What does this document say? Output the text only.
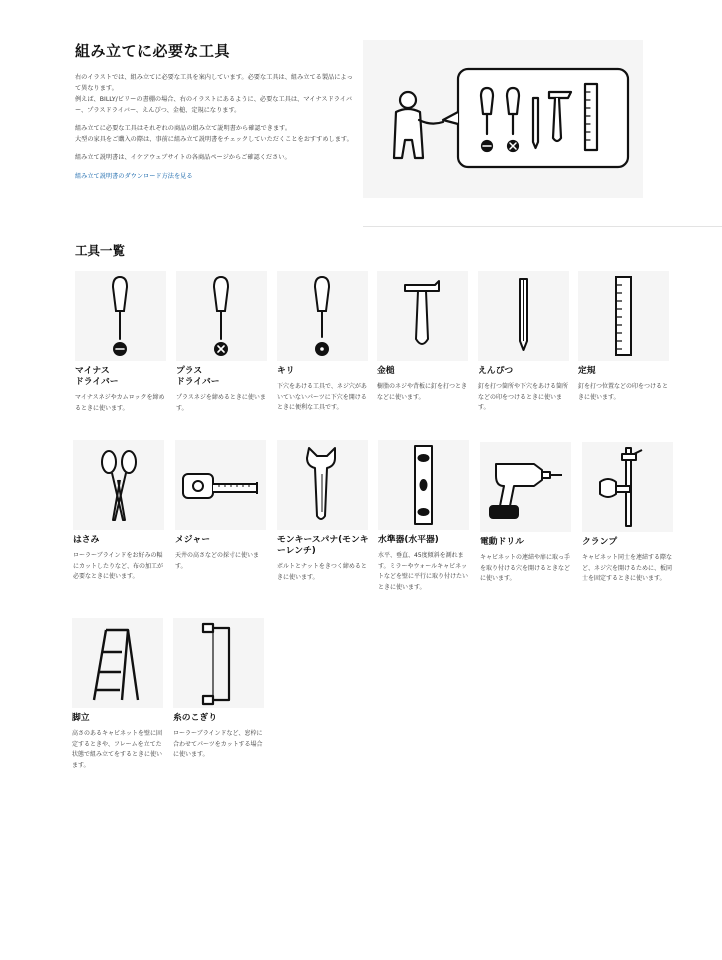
組み立てに必要な工具

右のイラストでは、組み立てに必要な工具を案内しています。必要な工具は、組み立てる製品によって異なります。

例えば、BILLY/ビリーの書棚の場合、右のイラストにあるように、必要な工具は、マイナスドライバー、プラスドライバー、えんぴつ、金槌、定規になります。

組み立てに必要な工具はそれぞれの商品の組み立て説明書から確認できます。

大型の家具をご購入の際は、事前に組み立て説明書をチェックしていただくことをおすすめします。

組み立て説明書は、イケアウェブサイトの各商品ページからご確認ください。

組み立て説明書のダウンロード方法を見る
工具一覧
マイナス
ドライバー
マイナスネジやカムロックを締めるときに使います。
プラス
ドライバー
プラスネジを締めるときに使います。
キリ
下穴をあける工具で、ネジ穴があいていないパーツに下穴を開けるときに便利な工具です。
金槌
樹脂のネジや背板に釘を打つときなどに使います。
えんぴつ
釘を打つ箇所や下穴をあける箇所などの印をつけるときに使います。
定規
釘を打つ位置などの印をつけるときに使います。
はさみ
ローラーブラインドをお好みの幅にカットしたりなど、布の加工が必要なときに使います。
メジャー
天井の高さなどの採寸に使います。
モンキースパナ(モンキーレンチ)
ボルトとナットをきつく締めるときに使います。
水準器(水平器)
水平、垂直、45度傾斜を測れます。ミラーやウォールキャビネットなどを壁に平行に取り付けたいときに使います。
電動ドリル
キャビネットの連結や扉に取っ手を取り付ける穴を開けるときなどに使います。
クランプ
キャビネット同士を連結する際など、ネジ穴を開けるために、板同士を固定するときに使います。
脚立
高さのあるキャビネットを壁に固定するときや、フレームを立てた状態で組み立てをするときに使います。
糸のこぎり
ローラーブラインドなど、窓枠に合わせてパーツをカットする場合に使います。
